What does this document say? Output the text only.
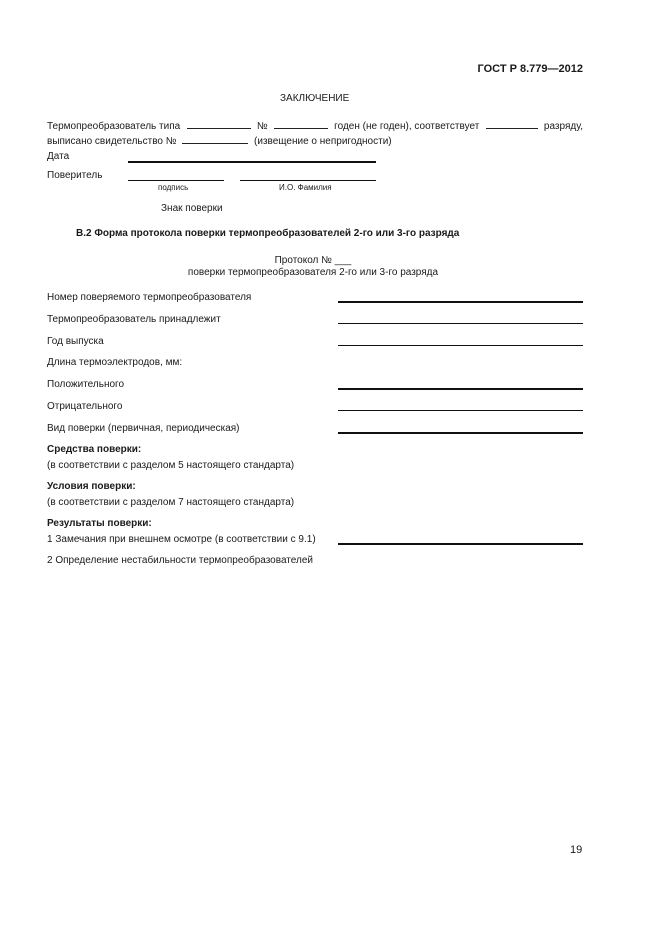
ГОСТ Р 8.779—2012
ЗАКЛЮЧЕНИЕ
Термопреобразователь типа	№	годен (не годен), соответствует	разряду,
выписано свидетельство №	(извещение о непригодности)
Дата
Поверитель
подпись	И.О. Фамилия
Знак поверки
В.2 Форма протокола поверки термопреобразователей 2-го или 3-го разряда
Протокол № ___
поверки термопреобразователя 2-го или 3-го разряда
Номер поверяемого термопреобразователя
Термопреобразователь принадлежит
Год выпуска
Длина термоэлектродов, мм:
Положительного
Отрицательного
Вид поверки (первичная, периодическая)
Средства поверки:
(в соответствии с разделом 5 настоящего стандарта)
Условия поверки:
(в соответствии с разделом 7 настоящего стандарта)
Результаты поверки:
1 Замечания при внешнем осмотре (в соответствии с 9.1)
2 Определение нестабильности термопреобразователей
19
